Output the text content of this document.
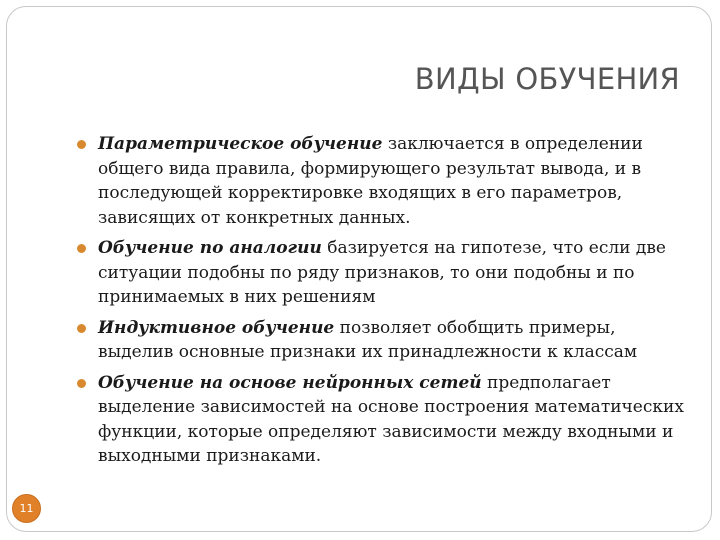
ВИДЫ ОБУЧЕНИЯ
Параметрическое обучение заключается в определении общего вида правила, формирующего результат вывода, и в последующей корректировке входящих в его параметров, зависящих от конкретных данных.
Обучение по аналогии базируется на гипотезе, что если две ситуации подобны по ряду признаков, то они подобны и по принимаемых в них решениям
Индуктивное обучение позволяет обобщить примеры, выделив основные признаки их принадлежности к классам
Обучение на основе нейронных сетей предполагает выделение зависимостей на основе построения математических функции, которые определяют зависимости между входными и выходными признаками.
11
